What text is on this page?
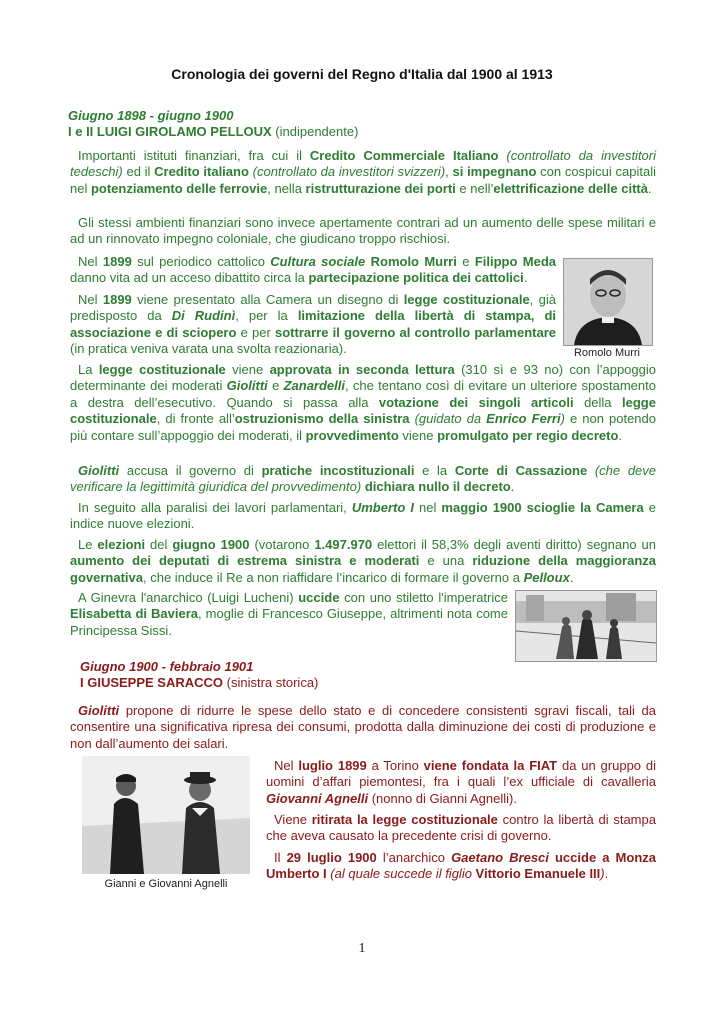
Cronologia dei governi del Regno d'Italia dal 1900 al 1913
Giugno 1898 - giugno 1900
I e II LUIGI GIROLAMO PELLOUX (indipendente)

Importanti istituti finanziari, fra cui il Credito Commerciale Italiano (controllato da investitori tedeschi) ed il Credito italiano (controllato da investitori svizzeri), si impegnano con cospicui capitali nel potenziamento delle ferrovie, nella ristrutturazione dei porti e nell’elettrificazione delle città.

Gli stessi ambienti finanziari sono invece apertamente contrari ad un aumento delle spese militari e ad un rinnovato impegno coloniale, che giudicano troppo rischiosi.

Nel 1899 sul periodico cattolico Cultura sociale Romolo Murri e Filippo Meda danno vita ad un acceso dibattito circa la partecipazione politica dei cattolici.

Nel 1899 viene presentato alla Camera un disegno di legge costituzionale, già predisposto da Di Rudinì, per la limitazione della libertà di stampa, di associazione e di sciopero e per sottrarre il governo al controllo parlamentare (in pratica veniva varata una svolta reazionaria).	Romolo Murri

La legge costituzionale viene approvata in seconda lettura (310 sì e 93 no) con l’appoggio determinante dei moderati Giolitti e Zanardelli, che tentano così di evitare un ulteriore spostamento a destra dell’esecutivo. Quando si passa alla votazione dei singoli articoli della legge costituzionale, di fronte all’ostruzionismo della sinistra (guidato da Enrico Ferri) e non potendo più contare sull’appoggio dei moderati, il provvedimento viene promulgato per regio decreto.

Giolitti accusa il governo di pratiche incostituzionali e la Corte di Cassazione (che deve verificare la legittimità giuridica del provvedimento) dichiara nullo il decreto.

In seguito alla paralisi dei lavori parlamentari, Umberto I nel maggio 1900 scioglie la Camera e indice nuove elezioni.

Le elezioni del giugno 1900 (votarono 1.497.970 elettori il 58,3% degli aventi diritto) segnano un aumento dei deputati di estrema sinistra e moderati e una riduzione della maggioranza governativa, che induce il Re a non riaffidare l’incarico di formare il governo a Pelloux.

A Ginevra l'anarchico (Luigi Lucheni) uccide con uno stiletto l'imperatrice Elisabetta di Baviera, moglie di Francesco Giuseppe, altrimenti nota come Principessa Sissi.

Giugno 1900 - febbraio 1901
I GIUSEPPE SARACCO (sinistra storica)

Giolitti propone di ridurre le spese dello stato e di concedere consistenti sgravi fiscali, tali da consentire una significativa ripresa dei consumi, prodotta dalla diminuzione dei costi di produzione e non dall’aumento dei salari.

Gianni e Giovanni Agnelli

Nel luglio 1899 a Torino viene fondata la FIAT da un gruppo di uomini d’affari piemontesi, fra i quali l’ex ufficiale di cavalleria Giovanni Agnelli (nonno di Gianni Agnelli).

Viene ritirata la legge costituzionale contro la libertà di stampa che aveva causato la precedente crisi di governo.

Il 29 luglio 1900 l’anarchico Gaetano Bresci uccide a Monza Umberto I (al quale succede il figlio Vittorio Emanuele III).

1
